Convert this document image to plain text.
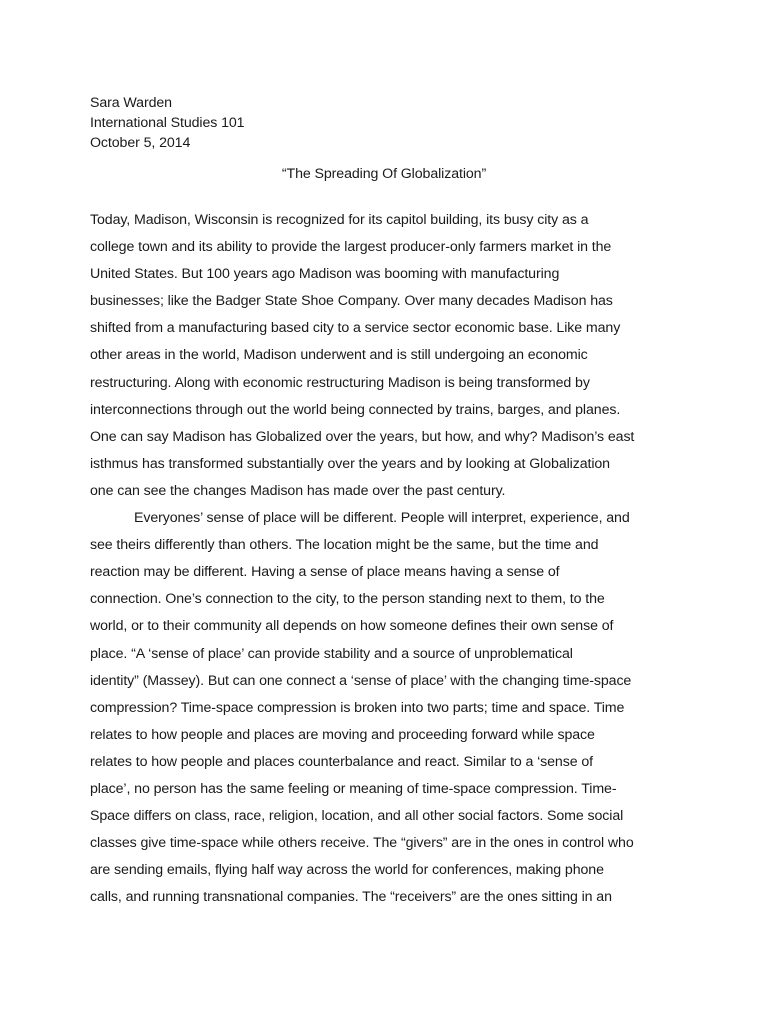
Sara Warden
International Studies 101
October 5, 2014
“The Spreading Of Globalization”
Today, Madison, Wisconsin is recognized for its capitol building, its busy city as a
college town and its ability to provide the largest producer-only farmers market in the
United States. But 100 years ago Madison was booming with manufacturing
businesses; like the Badger State Shoe Company. Over many decades Madison has
shifted from a manufacturing based city to a service sector economic base. Like many
other areas in the world, Madison underwent and is still undergoing an economic
restructuring. Along with economic restructuring Madison is being transformed by
interconnections through out the world being connected by trains, barges, and planes.
One can say Madison has Globalized over the years, but how, and why? Madison’s east
isthmus has transformed substantially over the years and by looking at Globalization
one can see the changes Madison has made over the past century.
Everyones’ sense of place will be different. People will interpret, experience, and
see theirs differently than others. The location might be the same, but the time and
reaction may be different. Having a sense of place means having a sense of
connection. One’s connection to the city, to the person standing next to them, to the
world, or to their community all depends on how someone defines their own sense of
place. “A ‘sense of place’ can provide stability and a source of unproblematical
identity” (Massey). But can one connect a ‘sense of place’ with the changing time-space
compression? Time-space compression is broken into two parts; time and space. Time
relates to how people and places are moving and proceeding forward while space
relates to how people and places counterbalance and react. Similar to a ‘sense of
place’, no person has the same feeling or meaning of time-space compression. Time-
Space differs on class, race, religion, location, and all other social factors. Some social
classes give time-space while others receive. The “givers” are in the ones in control who
are sending emails, flying half way across the world for conferences, making phone
calls, and running transnational companies. The “receivers” are the ones sitting in an
